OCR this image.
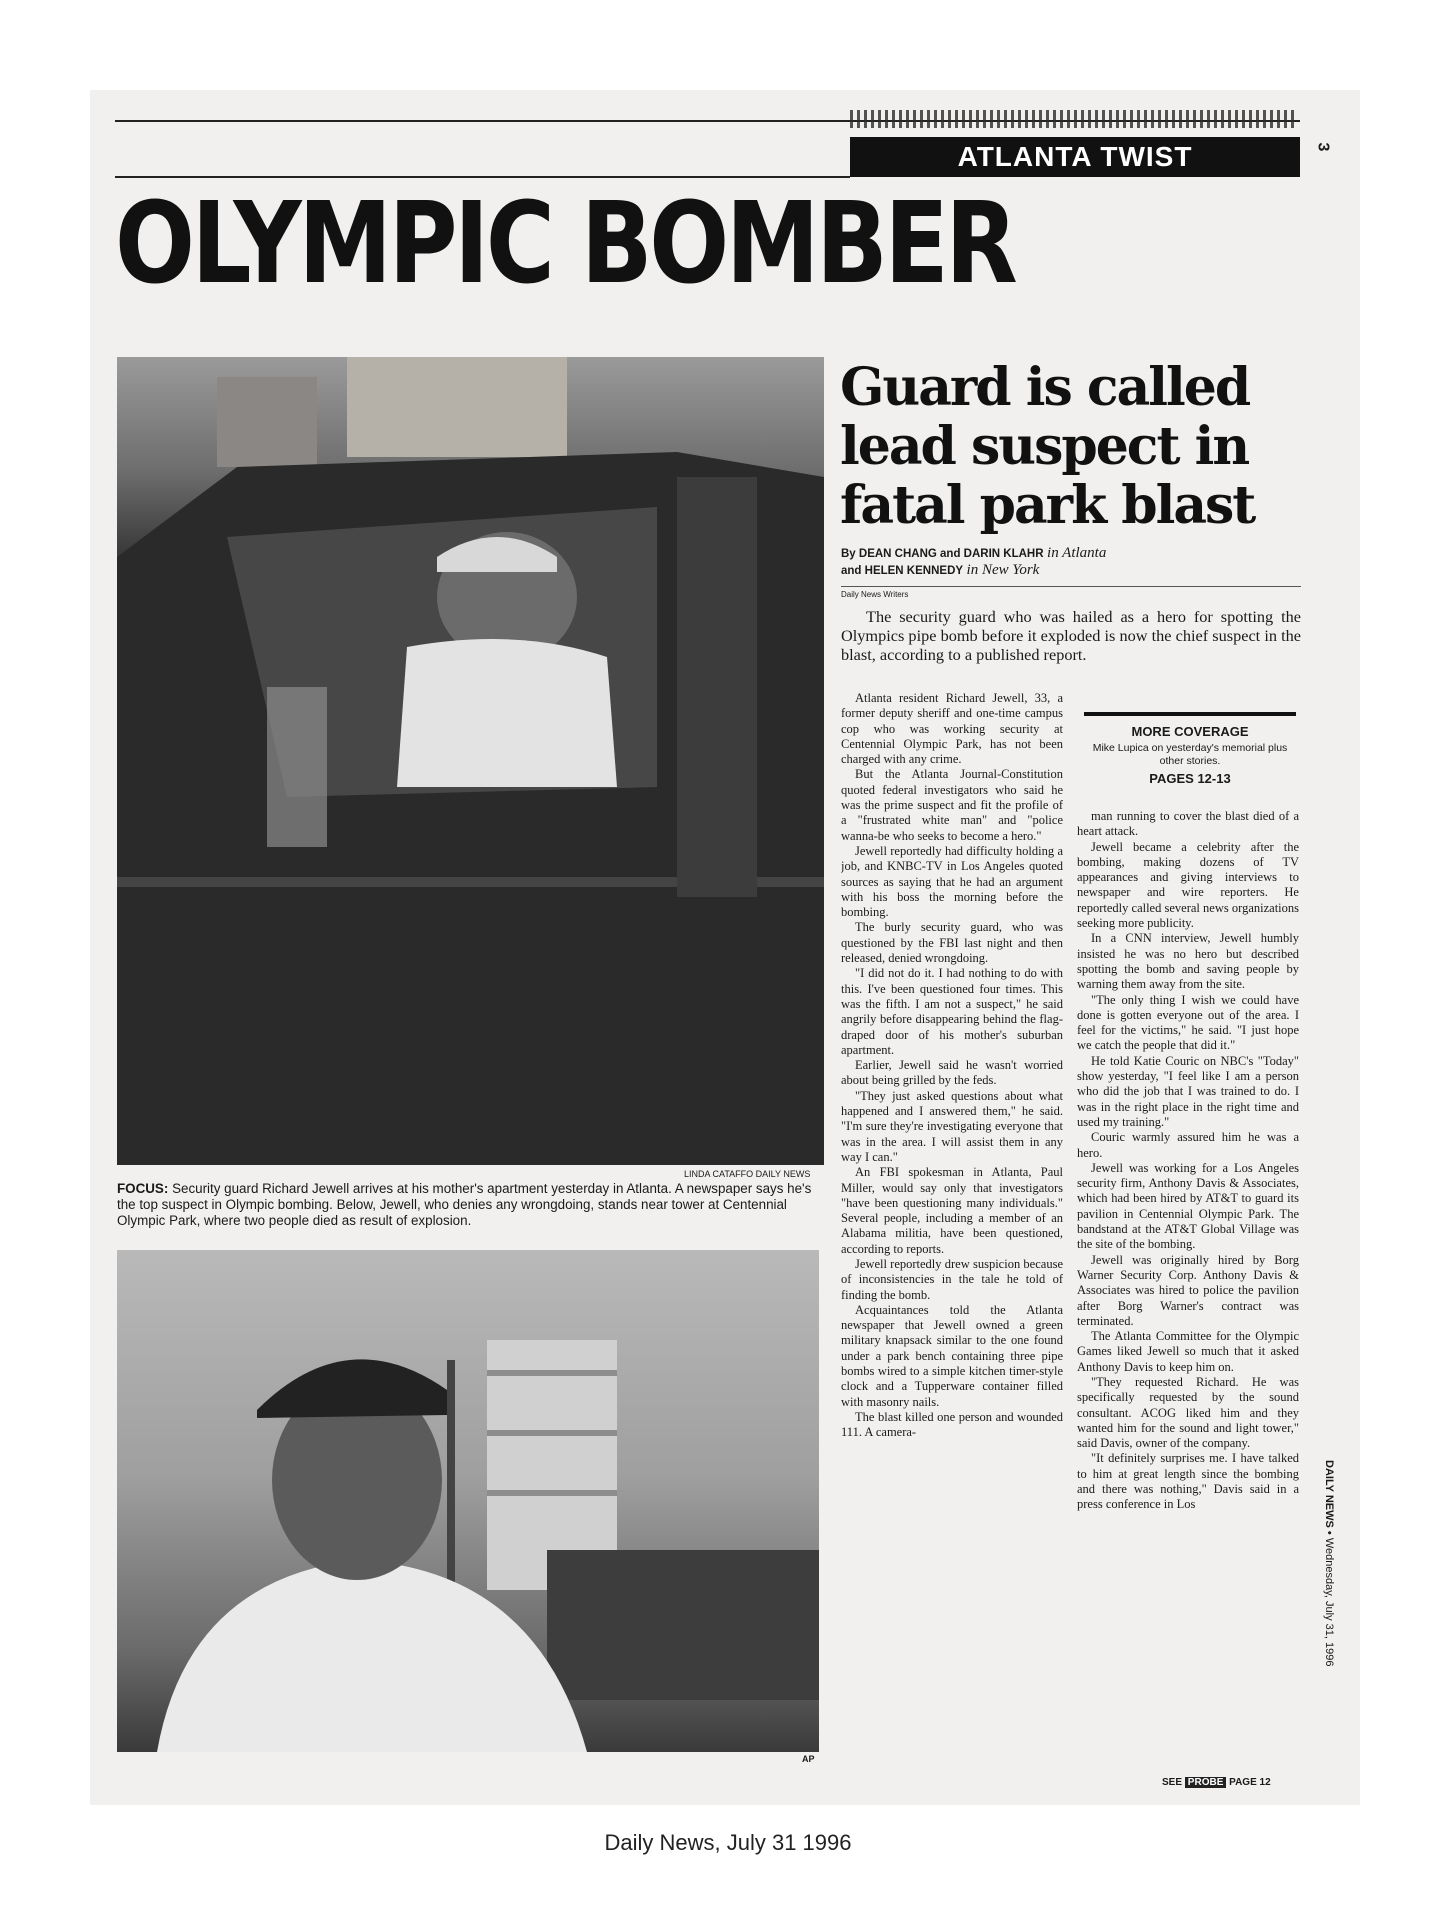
ATLANTA TWIST	3
OLYMPIC BOMBER
LINDA CATAFFO DAILY NEWS

FOCUS: Security guard Richard Jewell arrives at his mother's apartment yesterday in Atlanta. A newspaper says he's the top suspect in Olympic bombing. Below, Jewell, who denies any wrongdoing, stands near tower at Centennial Olympic Park, where two people died as result of explosion.

AP
Guard is called lead suspect in fatal park blast
By DEAN CHANG and DARIN KLAHR in Atlanta
and HELEN KENNEDY in New York
Daily News Writers

The security guard who was hailed as a hero for spotting the Olympics pipe bomb before it exploded is now the chief suspect in the blast, according to a published report.

Atlanta resident Richard Jewell, 33, a former deputy sheriff and one-time campus cop who was working security at Centennial Olympic Park, has not been charged with any crime.

But the Atlanta Journal-Constitution quoted federal investigators who said he was the prime suspect and fit the profile of a "frustrated white man" and "police wanna-be who seeks to become a hero."

Jewell reportedly had difficulty holding a job, and KNBC-TV in Los Angeles quoted sources as saying that he had an argument with his boss the morning before the bombing.

The burly security guard, who was questioned by the FBI last night and then released, denied wrongdoing.

"I did not do it. I had nothing to do with this. I've been questioned four times. This was the fifth. I am not a suspect," he said angrily before disappearing behind the flag-draped door of his mother's suburban apartment.

Earlier, Jewell said he wasn't worried about being grilled by the feds.

"They just asked questions about what happened and I answered them," he said. "I'm sure they're investigating everyone that was in the area. I will assist them in any way I can."

An FBI spokesman in Atlanta, Paul Miller, would say only that investigators "have been questioning many individuals." Several people, including a member of an Alabama militia, have been questioned, according to reports.

Jewell reportedly drew suspicion because of inconsistencies in the tale he told of finding the bomb.

Acquaintances told the Atlanta newspaper that Jewell owned a green military knapsack similar to the one found under a park bench containing three pipe bombs wired to a simple kitchen timer-style clock and a Tupperware container filled with masonry nails.

The blast killed one person and wounded 111. A camera-

MORE COVERAGE
Mike Lupica on yesterday's memorial plus other stories.
PAGES 12-13

man running to cover the blast died of a heart attack.

Jewell became a celebrity after the bombing, making dozens of TV appearances and giving interviews to newspaper and wire reporters. He reportedly called several news organizations seeking more publicity.

In a CNN interview, Jewell humbly insisted he was no hero but described spotting the bomb and saving people by warning them away from the site.

"The only thing I wish we could have done is gotten everyone out of the area. I feel for the victims," he said. "I just hope we catch the people that did it."

He told Katie Couric on NBC's "Today" show yesterday, "I feel like I am a person who did the job that I was trained to do. I was in the right place in the right time and used my training."

Couric warmly assured him he was a hero.

Jewell was working for a Los Angeles security firm, Anthony Davis & Associates, which had been hired by AT&T to guard its pavilion in Centennial Olympic Park. The bandstand at the AT&T Global Village was the site of the bombing.

Jewell was originally hired by Borg Warner Security Corp. Anthony Davis & Associates was hired to police the pavilion after Borg Warner's contract was terminated.

The Atlanta Committee for the Olympic Games liked Jewell so much that it asked Anthony Davis to keep him on.

"They requested Richard. He was specifically requested by the sound consultant. ACOG liked him and they wanted him for the sound and light tower," said Davis, owner of the company.

"It definitely surprises me. I have talked to him at great length since the bombing and there was nothing," Davis said in a press conference in Los

SEE PROBE PAGE 12
DAILY NEWS • Wednesday, July 31, 1996
Daily News, July 31 1996
